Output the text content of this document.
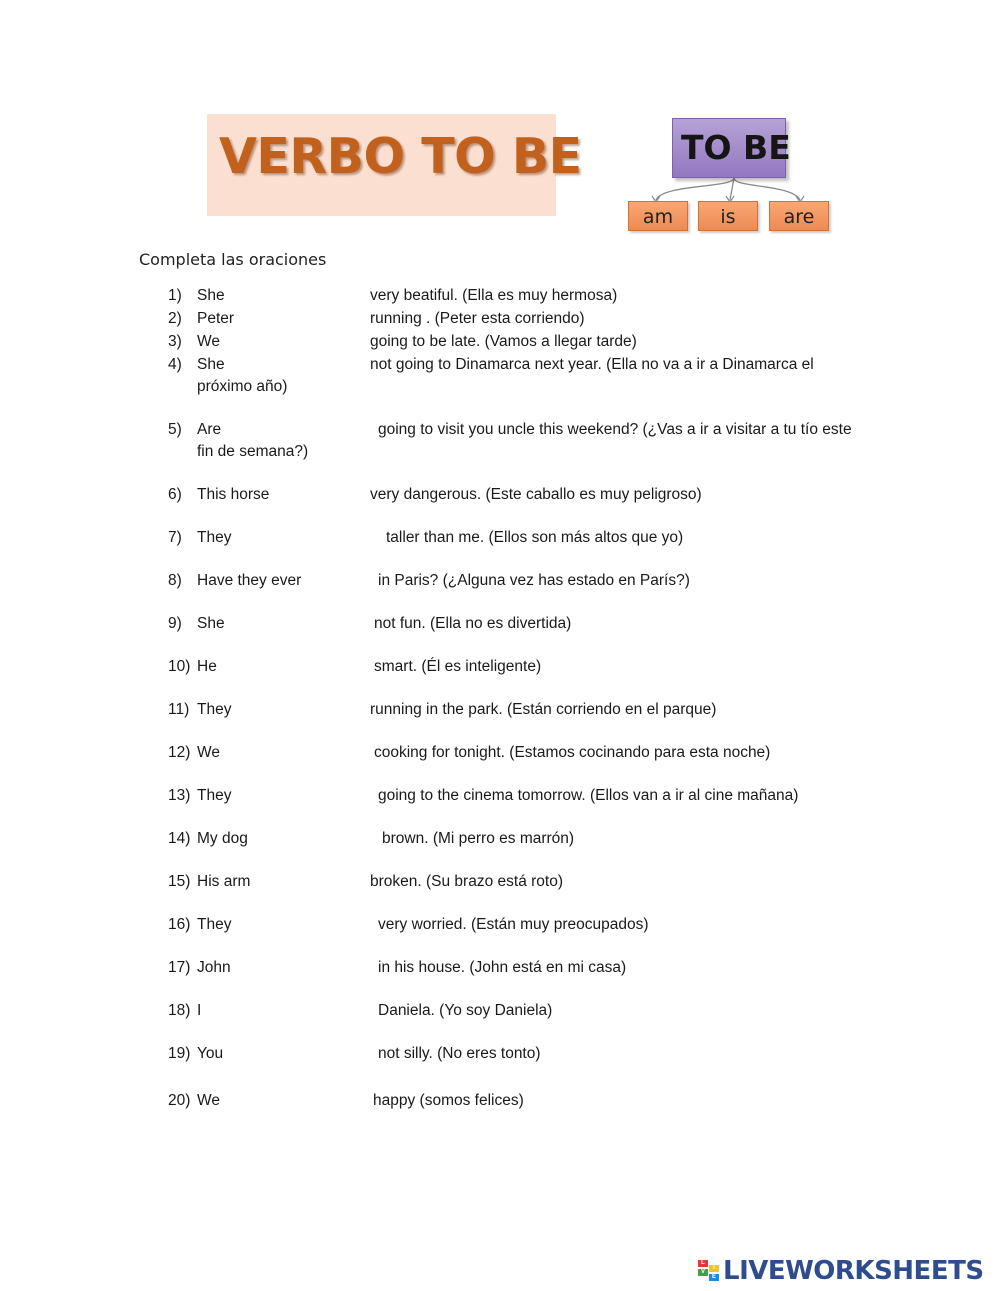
VERBO TO BE	TO BE
am	is	are
Completa las oraciones
1) She	very beatiful. (Ella es muy hermosa)
2) Peter	running . (Peter esta corriendo)
3) We	going to be late. (Vamos a llegar tarde)
4) She	not going to Dinamarca next year. (Ella no va a ir a Dinamarca el
próximo año)
5) Are	going to visit you uncle this weekend? (¿Vas a ir a visitar a tu tío este
fin de semana?)
6) This horse	very dangerous. (Este caballo es muy peligroso)
7) They	taller than me. (Ellos son más altos que yo)
8) Have they ever	in Paris? (¿Alguna vez has estado en París?)
9) She	not fun. (Ella no es divertida)
10) He	smart. (Él es inteligente)
11) They	running in the park. (Están corriendo en el parque)
12) We	cooking for tonight. (Estamos cocinando para esta noche)
13) They	going to the cinema tomorrow. (Ellos van a ir al cine mañana)
14) My dog	brown. (Mi perro es marrón)
15) His arm	broken. (Su brazo está roto)
16) They	very worried. (Están muy preocupados)
17) John	in his house. (John está en mi casa)
18) I	Daniela. (Yo soy Daniela)
19) You	not silly. (No eres tonto)
20) We	happy (somos felices)
L
I
V
E LIVEWORKSHEETS
